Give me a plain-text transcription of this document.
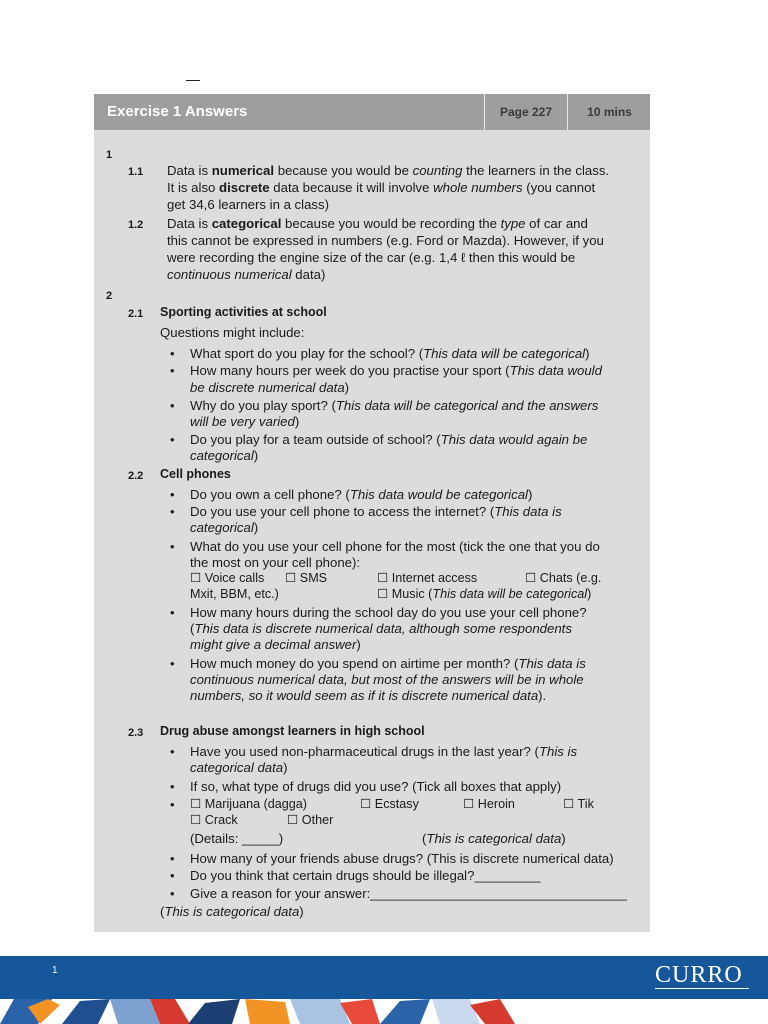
Exercise 1 Answers	Page 227	10 mins
1
1.1 Data is numerical because you would be counting the learners in the class.
It is also discrete data because it will involve whole numbers (you cannot
get 34,6 learners in a class)
1.2 Data is categorical because you would be recording the type of car and
this cannot be expressed in numbers (e.g. Ford or Mazda). However, if you
were recording the engine size of the car (e.g. 1,4 ℓ then this would be
continuous numerical data)
2
2.1 Sporting activities at school
Questions might include:
• What sport do you play for the school? (This data will be categorical)
• How many hours per week do you practise your sport (This data would
be discrete numerical data)
• Why do you play sport? (This data will be categorical and the answers
will be very varied)
• Do you play for a team outside of school? (This data would again be
categorical)
2.2 Cell phones
• Do you own a cell phone? (This data would be categorical)
• Do you use your cell phone to access the internet? (This data is
categorical)
• What do you use your cell phone for the most (tick the one that you do
the most on your cell phone):
☐ Voice calls ☐ SMS	☐ Internet access	☐ Chats (e.g.
Mxit, BBM, etc.)	☐ Music (This data will be categorical)
• How many hours during the school day do you use your cell phone?
(This data is discrete numerical data, although some respondents
might give a decimal answer)
• How much money do you spend on airtime per month? (This data is
continuous numerical data, but most of the answers will be in whole
numbers, so it would seem as if it is discrete numerical data).
2.3 Drug abuse amongst learners in high school
• Have you used non-pharmaceutical drugs in the last year? (This is
categorical data)
• If so, what type of drugs did you use? (Tick all boxes that apply)
• ☐ Marijuana (dagga)	☐ Ecstasy	☐ Heroin	☐ Tik
☐ Crack	☐ Other
(Details: _____)	(This is categorical data)
• How many of your friends abuse drugs? (This is discrete numerical data)
• Do you think that certain drugs should be illegal?_________
• Give a reason for your answer:___________________________________
(This is categorical data)
1	CURRO
